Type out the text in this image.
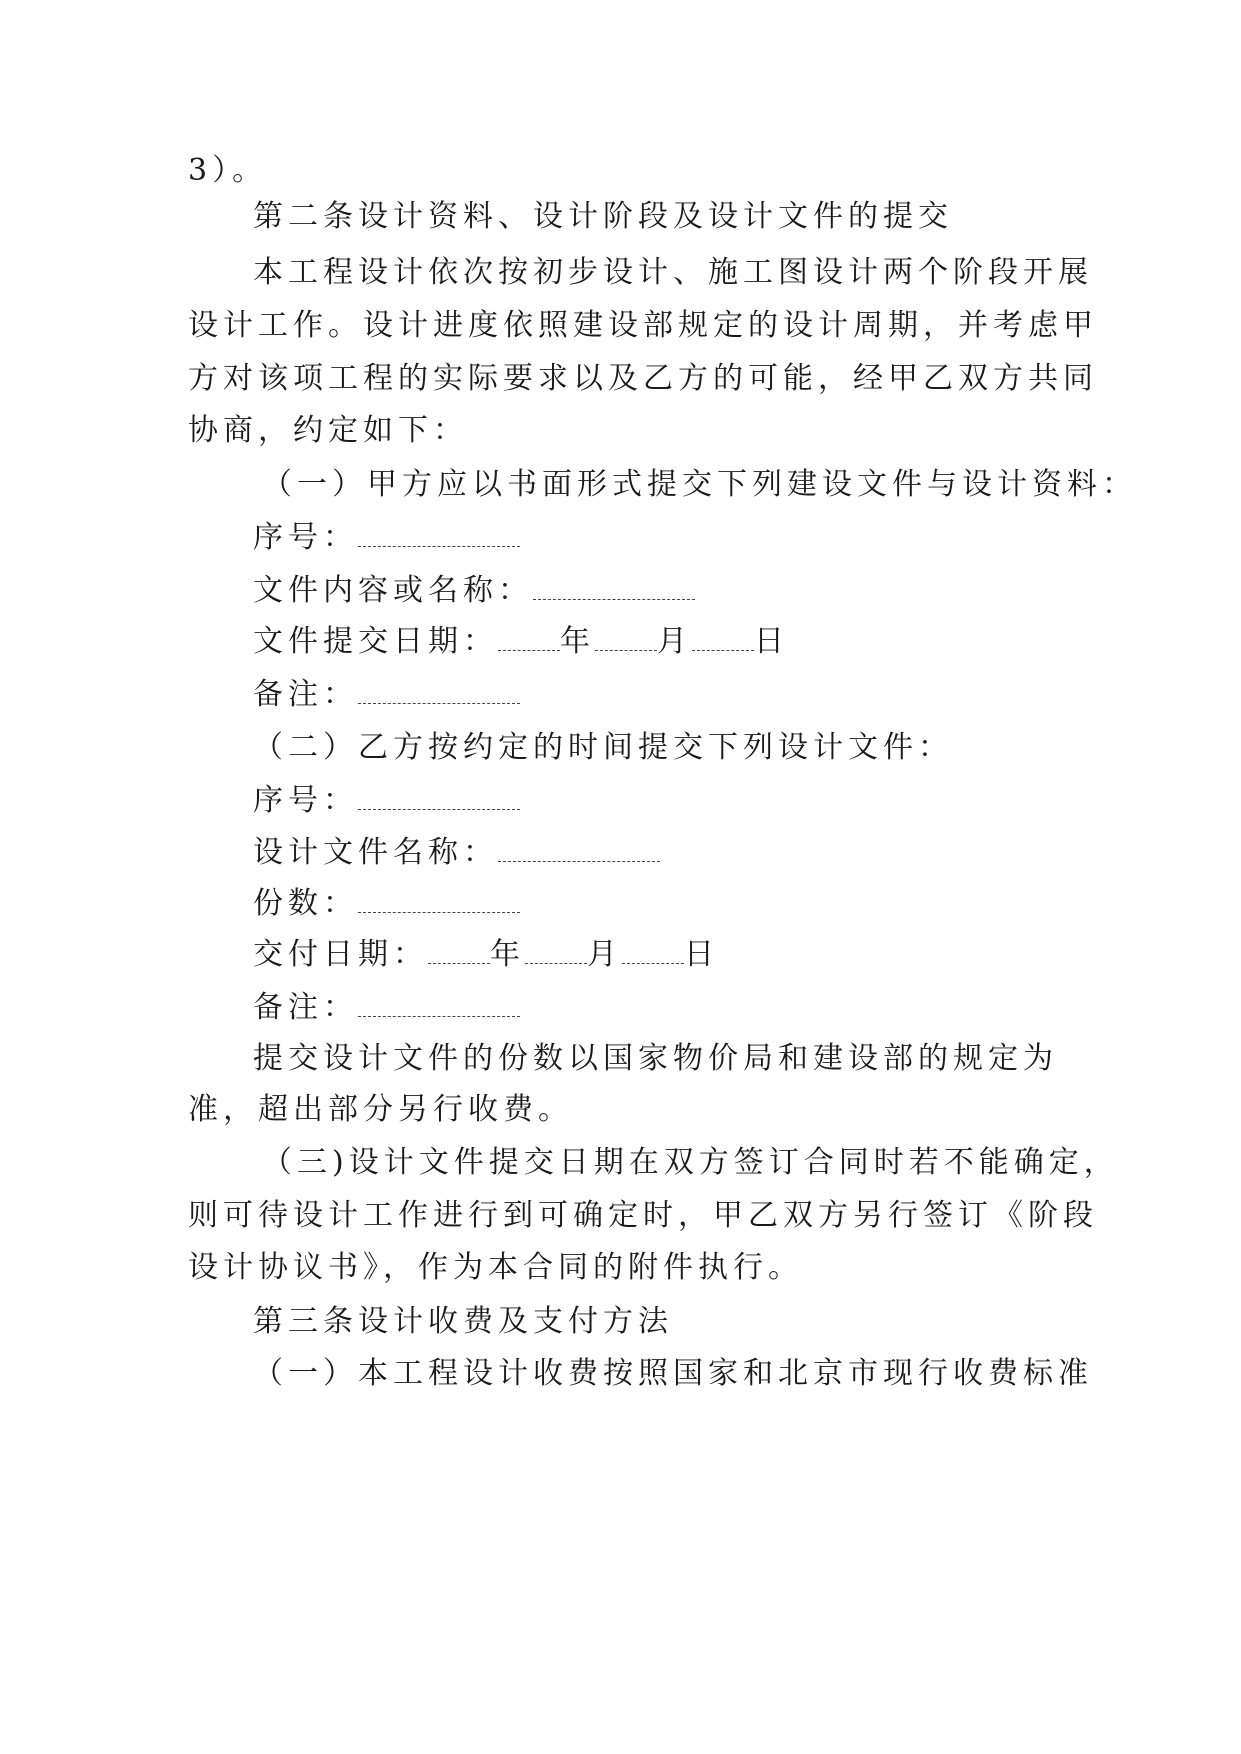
3）。
第二条设计资料、设计阶段及设计文件的提交
本工程设计依次按初步设计、施工图设计两个阶段开展
设计工作。设计进度依照建设部规定的设计周期，并考虑甲
方对该项工程的实际要求以及乙方的可能，经甲乙双方共同
协商，约定如下：
（一）甲方应以书面形式提交下列建设文件与设计资料：
序号：
文件内容或名称：
文件提交日期： 年 月 日
备注：
（二）乙方按约定的时间提交下列设计文件：
序号：
设计文件名称：
份数：
交付日期： 年 月 日
备注：
提交设计文件的份数以国家物价局和建设部的规定为
准，超出部分另行收费。
（三)设计文件提交日期在双方签订合同时若不能确定，
则可待设计工作进行到可确定时，甲乙双方另行签订《阶段
设计协议书》，作为本合同的附件执行。
第三条设计收费及支付方法
（一）本工程设计收费按照国家和北京市现行收费标准
